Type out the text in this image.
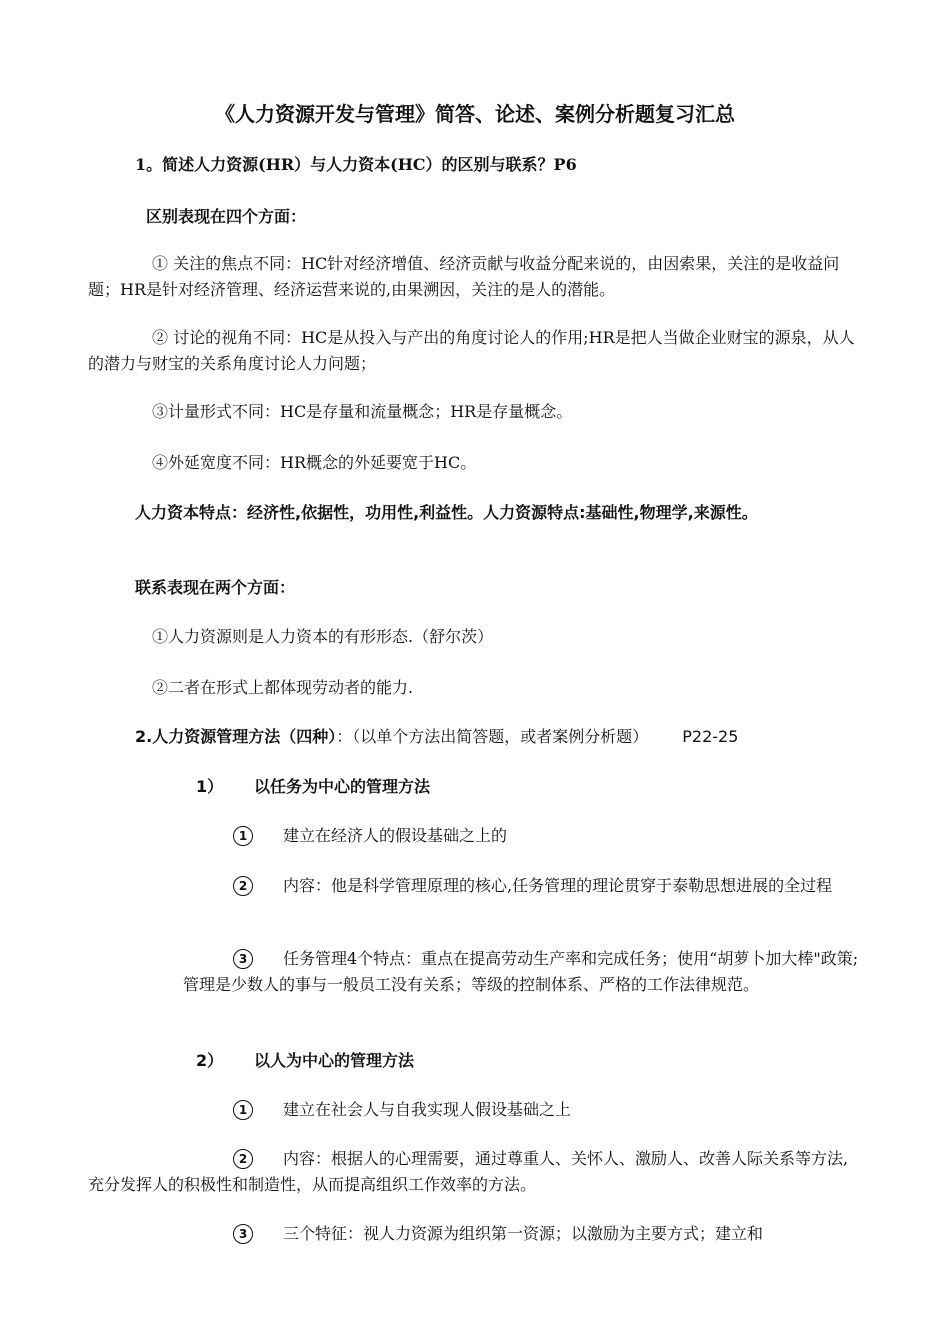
《人力资源开发与管理》简答、论述、案例分析题复习汇总
1。简述人力资源(HR）与人力资本(HC）的区别与联系？P6
区别表现在四个方面：
① 关注的焦点不同：HC针对经济增值、经济贡献与收益分配来说的，由因索果，关注的是收益问题；HR是针对经济管理、经济运营来说的,由果溯因，关注的是人的潜能。
② 讨论的视角不同：HC是从投入与产出的角度讨论人的作用;HR是把人当做企业财宝的源泉，从人的潜力与财宝的关系角度讨论人力问题；
③计量形式不同：HC是存量和流量概念；HR是存量概念。
④外延宽度不同：HR概念的外延要宽于HC。
人力资本特点：经济性,依据性，功用性,利益性。人力资源特点:基础性,物理学,来源性。
联系表现在两个方面：
①人力资源则是人力资本的有形形态.（舒尔茨）
②二者在形式上都体现劳动者的能力.
2.人力资源管理方法（四种）：（以单个方法出简答题，或者案例分析题） P22-25
1） 以任务为中心的管理方法
1 建立在经济人的假设基础之上的
2 内容：他是科学管理原理的核心,任务管理的理论贯穿于泰勒思想进展的全过程
3 任务管理4个特点：重点在提高劳动生产率和完成任务；使用“胡萝卜加大棒"政策;管理是少数人的事与一般员工没有关系；等级的控制体系、严格的工作法律规范。
2） 以人为中心的管理方法
1 建立在社会人与自我实现人假设基础之上
2 内容：根据人的心理需要，通过尊重人、关怀人、激励人、改善人际关系等方法,充分发挥人的积极性和制造性，从而提高组织工作效率的方法。
3 三个特征：视人力资源为组织第一资源；以激励为主要方式；建立和
